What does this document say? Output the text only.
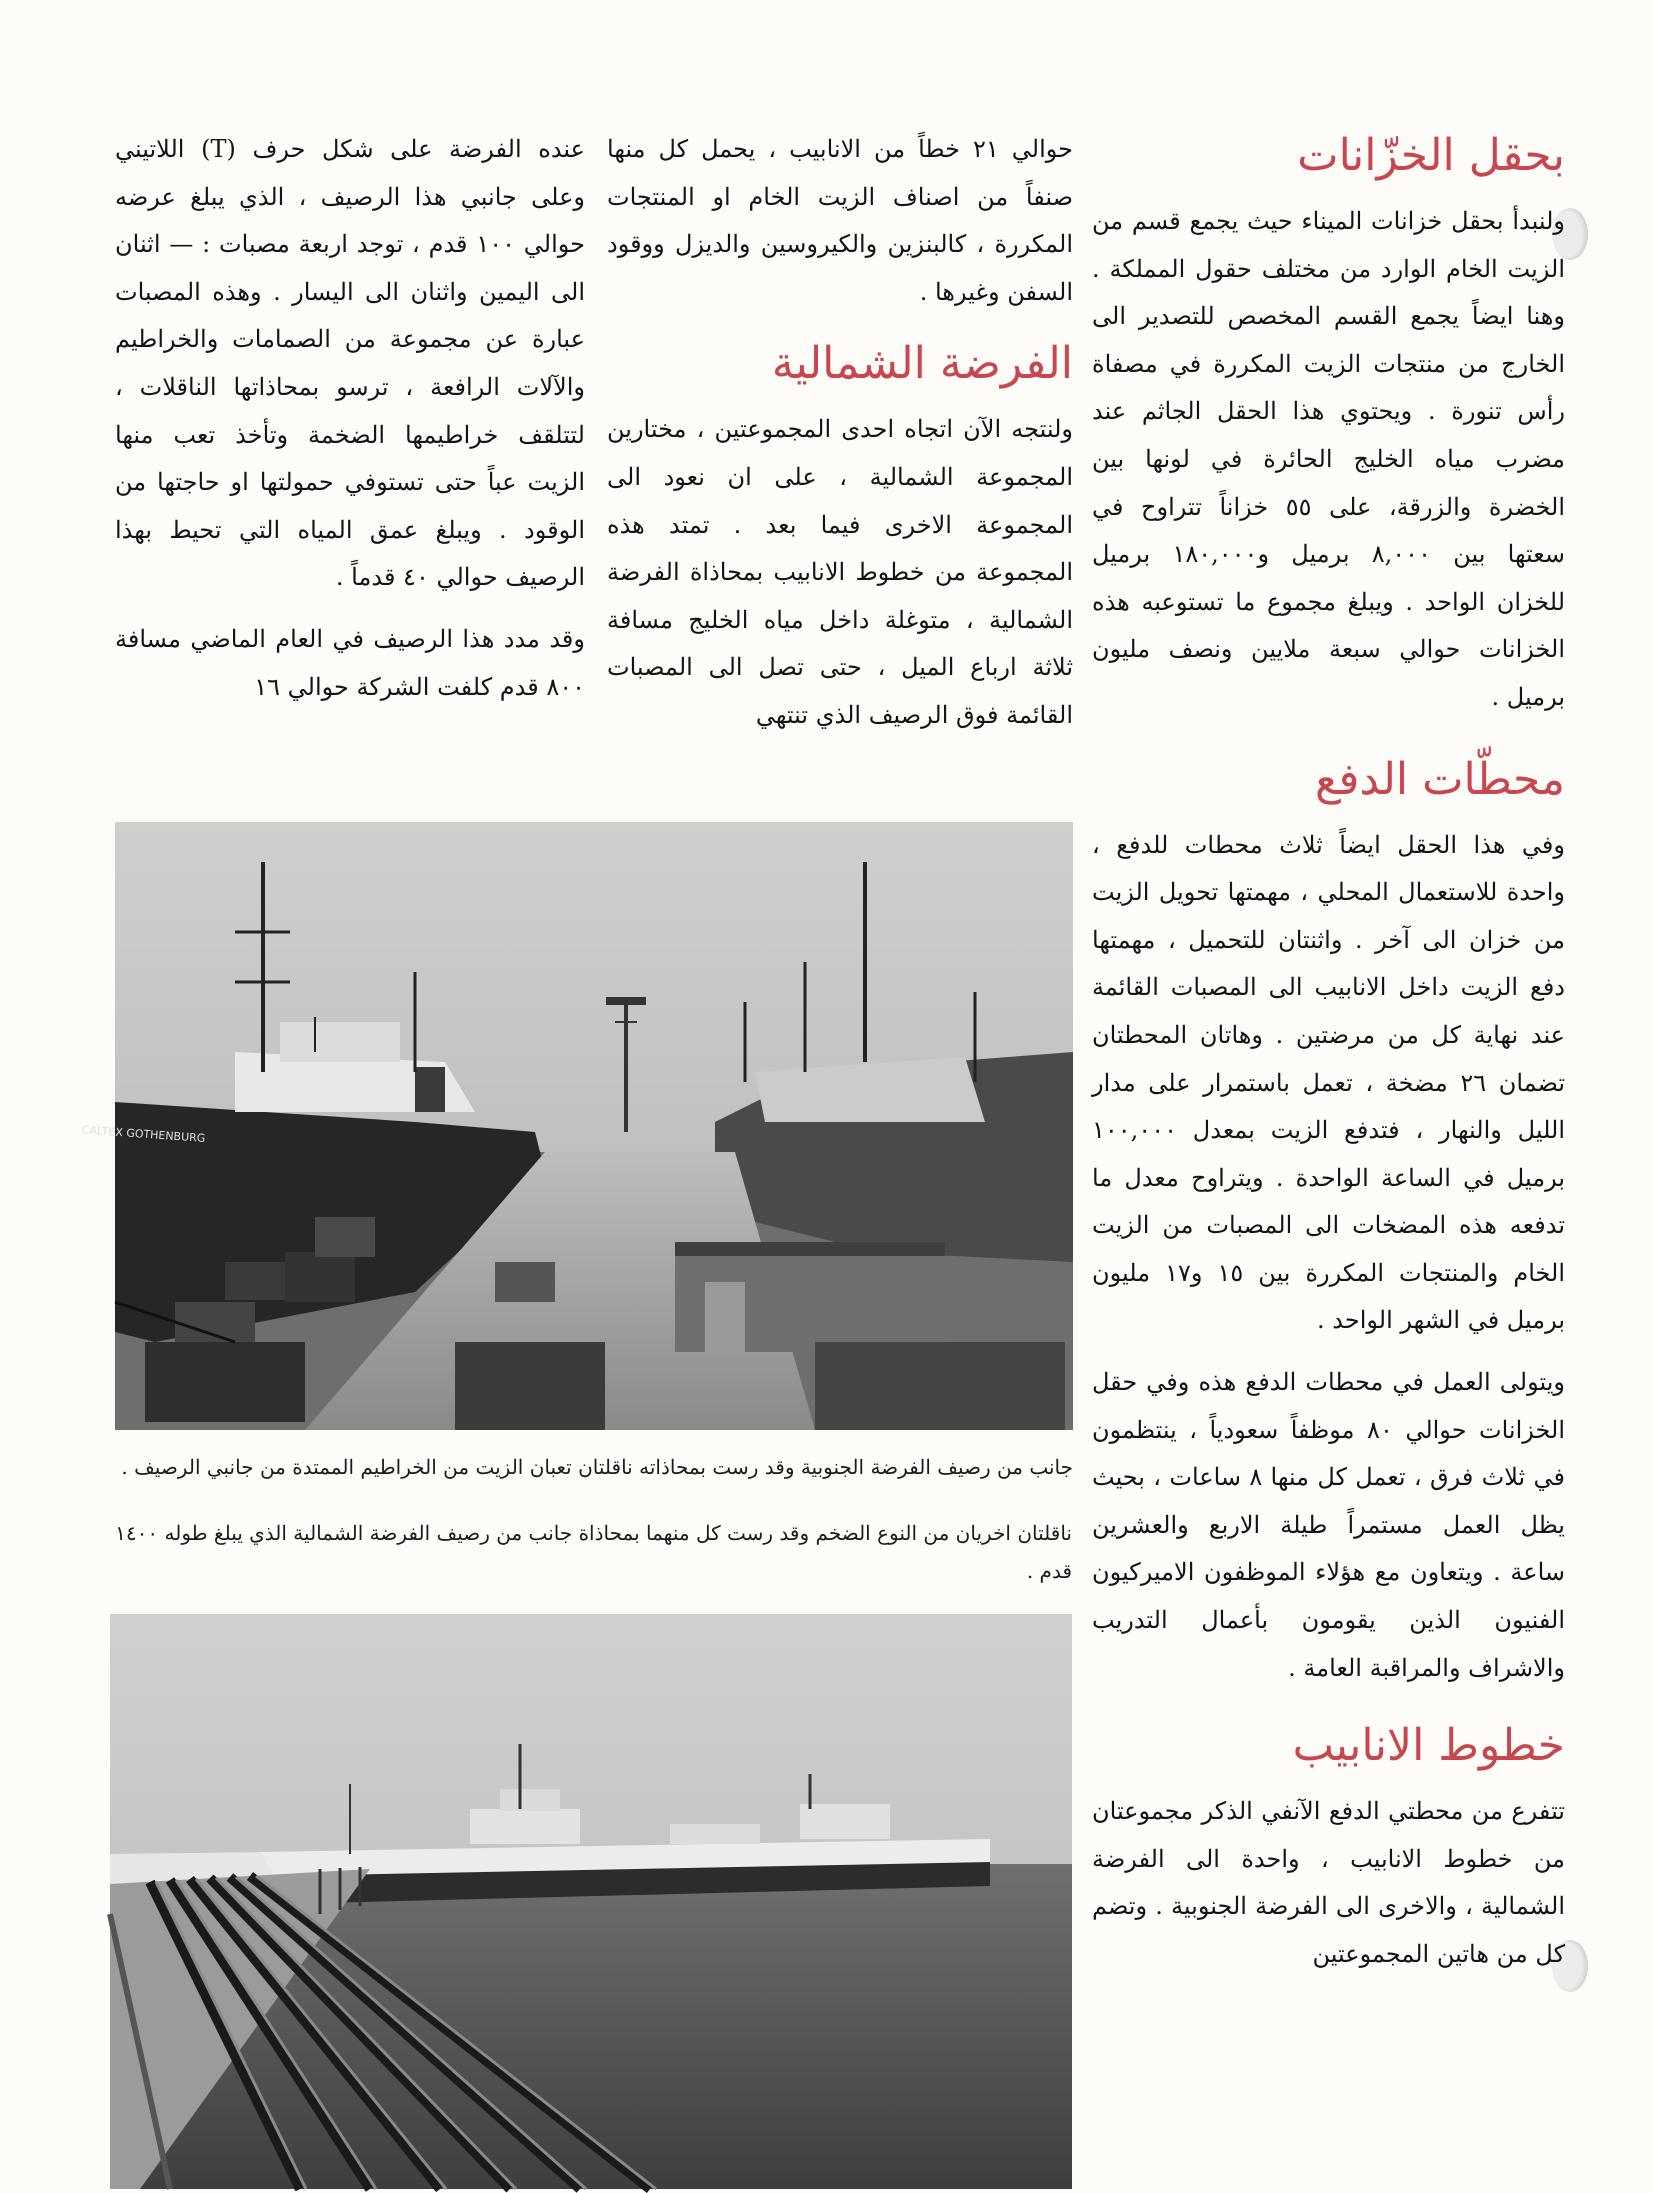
بحقل الخزّانات

ولنبدأ بحقل خزانات الميناء حيث يجمع قسم من الزيت الخام الوارد من مختلف حقول المملكة . وهنا ايضاً يجمع القسم المخصص للتصدير الى الخارج من منتجات الزيت المكررة في مصفاة رأس تنورة . ويحتوي هذا الحقل الجاثم عند مضرب مياه الخليج الحائرة في لونها بين الخضرة والزرقة، على ٥٥ خزاناً تتراوح في سعتها بين ٨,٠٠٠ برميل و١٨٠,٠٠٠ برميل للخزان الواحد . ويبلغ مجموع ما تستوعبه هذه الخزانات حوالي سبعة ملايين ونصف مليون برميل .

محطّات الدفع

وفي هذا الحقل ايضاً ثلاث محطات للدفع ، واحدة للاستعمال المحلي ، مهمتها تحويل الزيت من خزان الى آخر . واثنتان للتحميل ، مهمتها دفع الزيت داخل الانابيب الى المصبات القائمة عند نهاية كل من مرضتين . وهاتان المحطتان تضمان ٢٦ مضخة ، تعمل باستمرار على مدار الليل والنهار ، فتدفع الزيت بمعدل ١٠٠,٠٠٠ برميل في الساعة الواحدة . ويتراوح معدل ما تدفعه هذه المضخات الى المصبات من الزيت الخام والمنتجات المكررة بين ١٥ و١٧ مليون برميل في الشهر الواحد .

ويتولى العمل في محطات الدفع هذه وفي حقل الخزانات حوالي ٨٠ موظفاً سعودياً ، ينتظمون في ثلاث فرق ، تعمل كل منها ٨ ساعات ، بحيث يظل العمل مستمراً طيلة الاربع والعشرين ساعة . ويتعاون مع هؤلاء الموظفون الاميركيون الفنيون الذين يقومون بأعمال التدريب والاشراف والمراقبة العامة .

خطوط الانابيب

تتفرع من محطتي الدفع الآنفي الذكر مجموعتان من خطوط الانابيب ، واحدة الى الفرضة الشمالية ، والاخرى الى الفرضة الجنوبية . وتضم كل من هاتين المجموعتين

حوالي ٢١ خطاً من الانابيب ، يحمل كل منها صنفاً من اصناف الزيت الخام او المنتجات المكررة ، كالبنزين والكيروسين والديزل ووقود السفن وغيرها .

الفرضة الشمالية

ولنتجه الآن اتجاه احدى المجموعتين ، مختارين المجموعة الشمالية ، على ان نعود الى المجموعة الاخرى فيما بعد . تمتد هذه المجموعة من خطوط الانابيب بمحاذاة الفرضة الشمالية ، متوغلة داخل مياه الخليج مسافة ثلاثة ارباع الميل ، حتى تصل الى المصبات القائمة فوق الرصيف الذي تنتهي

عنده الفرضة على شكل حرف (T) اللاتيني وعلى جانبي هذا الرصيف ، الذي يبلغ عرضه حوالي ١٠٠ قدم ، توجد اربعة مصبات : — اثنان الى اليمين واثنان الى اليسار . وهذه المصبات عبارة عن مجموعة من الصمامات والخراطيم والآلات الرافعة ، ترسو بمحاذاتها الناقلات ، لتتلقف خراطيمها الضخمة وتأخذ تعب منها الزيت عباً حتى تستوفي حمولتها او حاجتها من الوقود . ويبلغ عمق المياه التي تحيط بهذا الرصيف حوالي ٤٠ قدماً .

وقد مدد هذا الرصيف في العام الماضي مسافة ٨٠٠ قدم كلفت الشركة حوالي ١٦

CALTEX GOTHENBURG
جانب من رصيف الفرضة الجنوبية وقد رست بمحاذاته ناقلتان تعبان الزيت من الخراطيم الممتدة من جانبي الرصيف .
ناقلتان اخريان من النوع الضخم وقد رست كل منهما بمحاذاة جانب من رصيف الفرضة الشمالية الذي يبلغ طوله ١٤٠٠ قدم .
